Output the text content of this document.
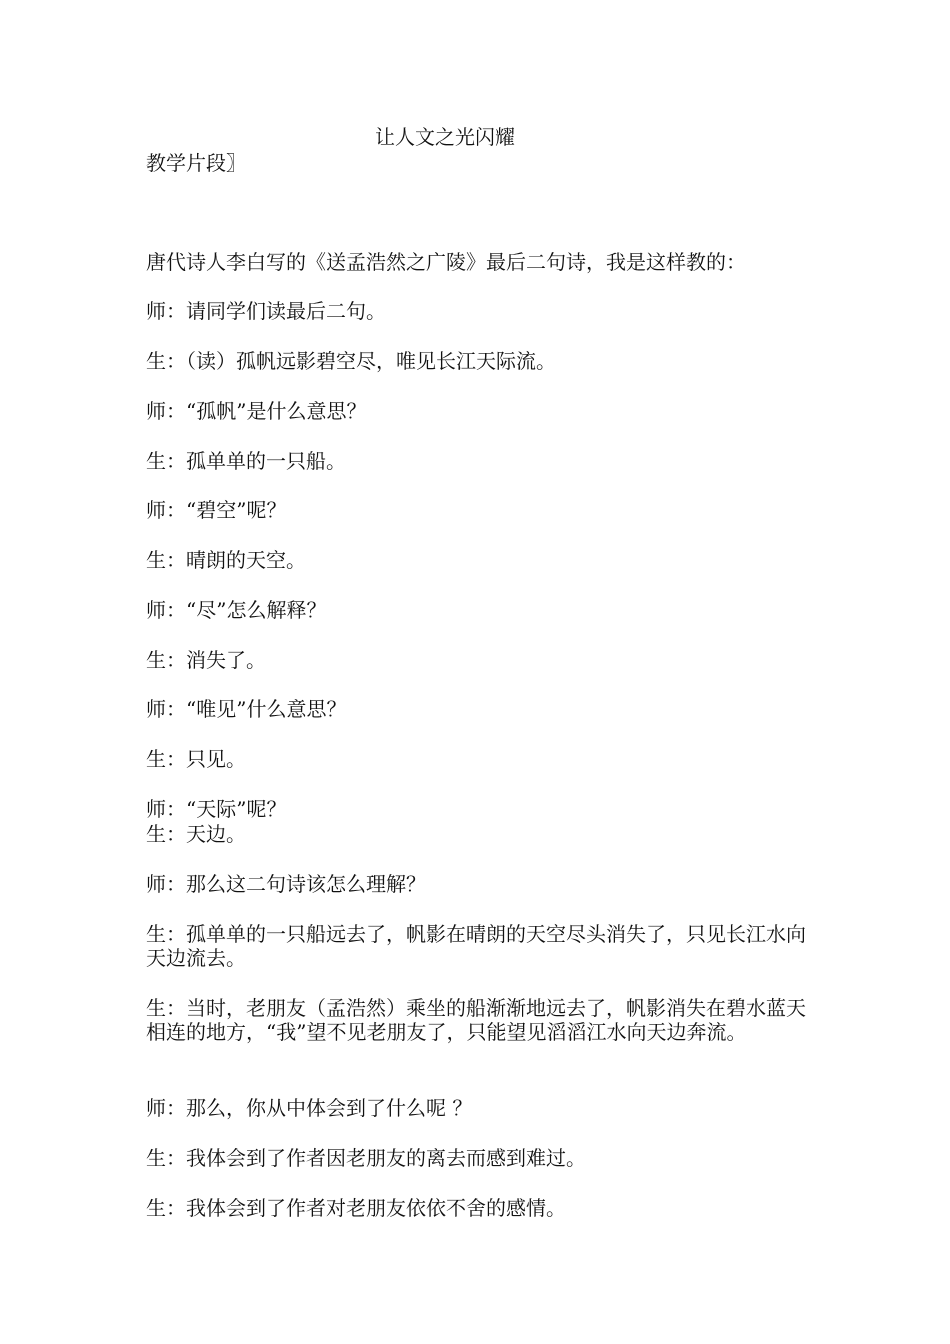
让人文之光闪耀

教学片段〗

唐代诗人李白写的《送孟浩然之广陵》最后二句诗，我是这样教的：

师：请同学们读最后二句。

生：（读）孤帆远影碧空尽，唯见长江天际流。

师：“孤帆”是什么意思？

生：孤单单的一只船。

师：“碧空”呢？

生：晴朗的天空。

师：“尽”怎么解释？

生：消失了。

师：“唯见”什么意思？

生：只见。

师：“天际”呢？

生：天边。

师：那么这二句诗该怎么理解？

生：孤单单的一只船远去了，帆影在晴朗的天空尽头消失了，只见长江水向天边流去。

生：当时，老朋友（孟浩然）乘坐的船渐渐地远去了，帆影消失在碧水蓝天相连的地方，“我”望不见老朋友了，只能望见滔滔江水向天边奔流。

师：那么，你从中体会到了什么呢 ？

生：我体会到了作者因老朋友的离去而感到难过。

生：我体会到了作者对老朋友依依不舍的感情。
